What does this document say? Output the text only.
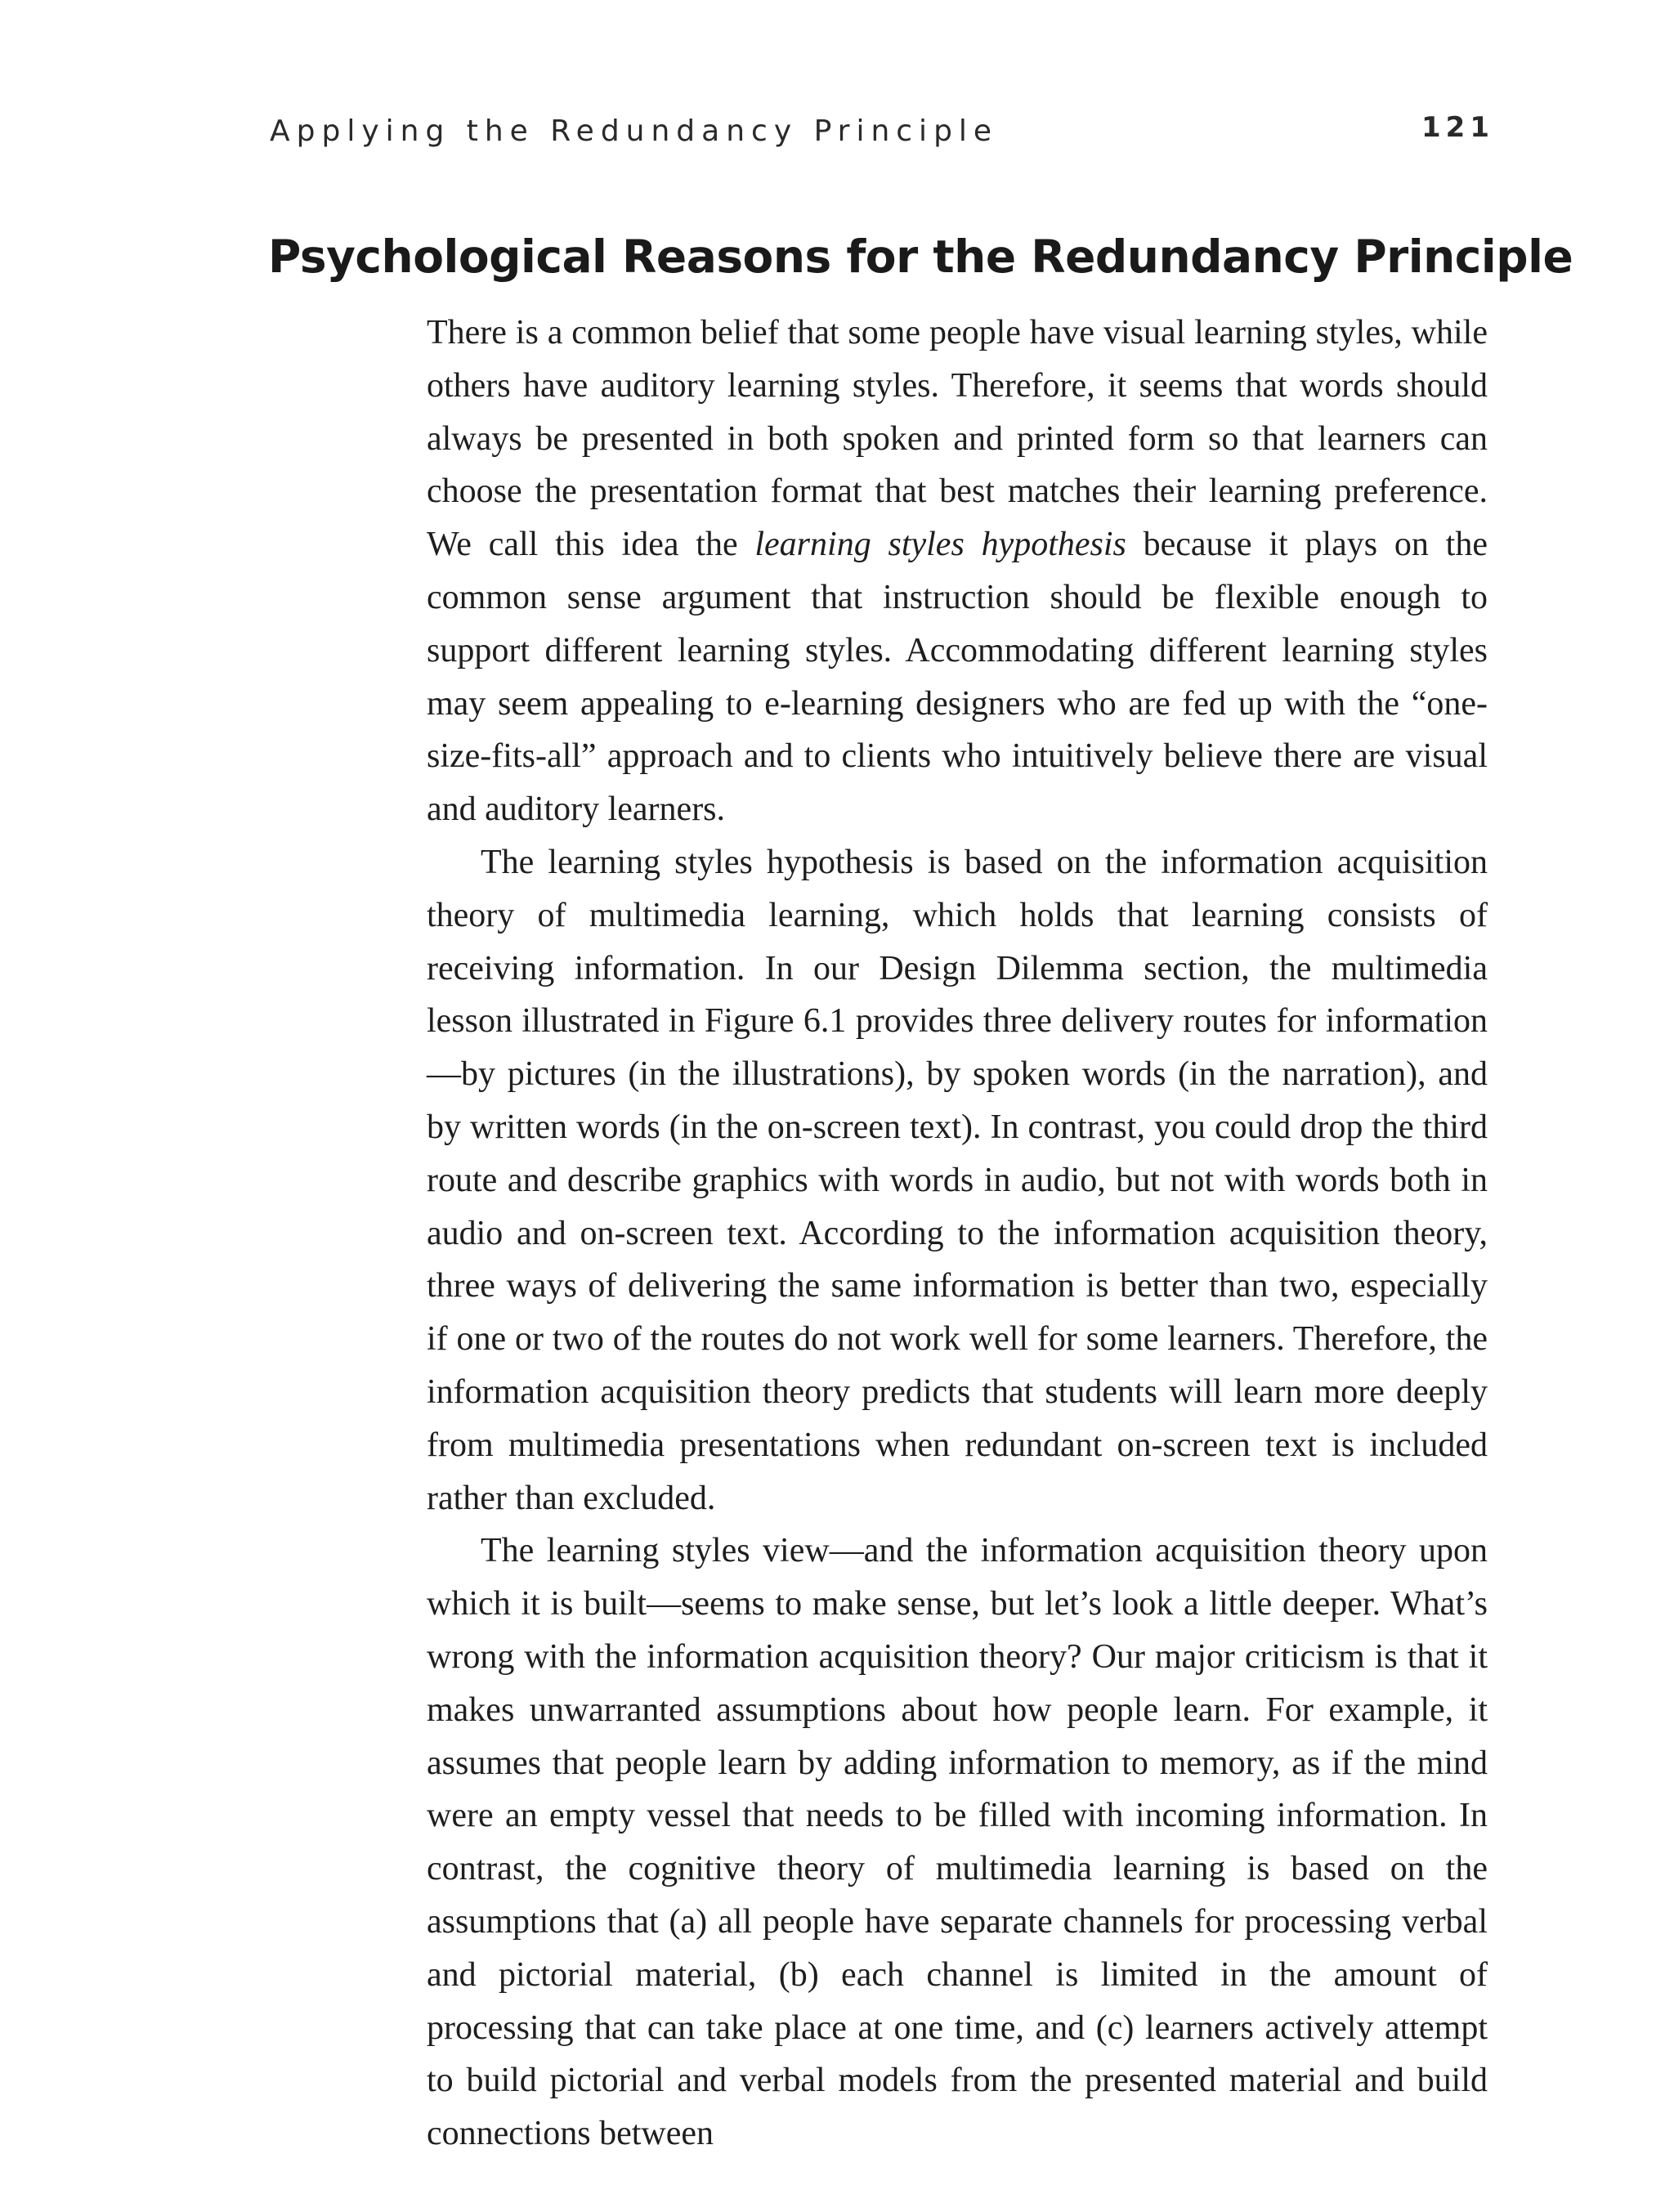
Applying the Redundancy Principle	121
Psychological Reasons for the Redundancy Principle

There is a common belief that some people have visual learning styles, while others have auditory learning styles. Therefore, it seems that words should always be presented in both spoken and printed form so that learners can choose the presentation format that best matches their learning preference. We call this idea the learning styles hypothesis because it plays on the common sense argument that instruction should be flexible enough to support different learning styles. Accommodating different learning styles may seem appealing to e-learning designers who are fed up with the “one-size-fits-all” approach and to clients who intuitively believe there are visual and auditory learners.

The learning styles hypothesis is based on the information acquisition theory of multimedia learning, which holds that learning consists of receiving information. In our Design Dilemma section, the multimedia lesson illustrated in Figure 6.1 provides three delivery routes for information—by pictures (in the illustrations), by spoken words (in the narration), and by written words (in the on-screen text). In contrast, you could drop the third route and describe graphics with words in audio, but not with words both in audio and on-screen text. According to the information acquisition theory, three ways of delivering the same information is better than two, especially if one or two of the routes do not work well for some learners. Therefore, the information acquisition theory predicts that students will learn more deeply from multimedia presentations when redundant on-screen text is included rather than excluded.

The learning styles view—and the information acquisition theory upon which it is built—seems to make sense, but let’s look a little deeper. What’s wrong with the information acquisition theory? Our major criticism is that it makes unwarranted assumptions about how people learn. For example, it assumes that people learn by adding information to memory, as if the mind were an empty vessel that needs to be filled with incoming information. In contrast, the cognitive theory of multimedia learning is based on the assumptions that (a) all people have separate channels for processing verbal and pictorial material, (b) each channel is limited in the amount of processing that can take place at one time, and (c) learners actively attempt to build pictorial and verbal models from the presented material and build connections between
